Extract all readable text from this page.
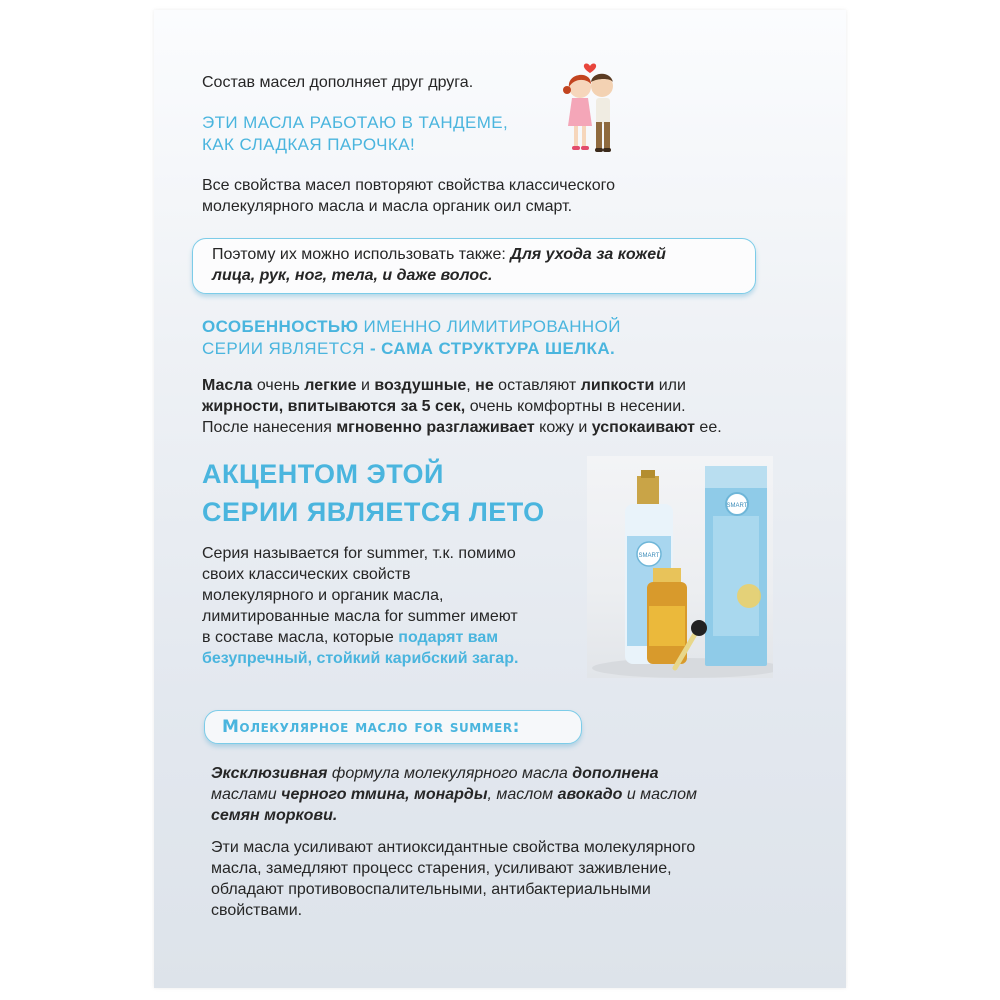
Состав масел дополняет друг друга.
ЭТИ МАСЛА РАБОТАЮ В ТАНДЕМЕ,
КАК СЛАДКАЯ ПАРОЧКА!
Все свойства масел повторяют свойства классического
молекулярного масла и масла органик оил смарт.
Поэтому их можно использовать также: Для ухода за кожей
лица, рук, ног, тела, и даже волос.
ОСОБЕННОСТЬЮ ИМЕННО ЛИМИТИРОВАННОЙ
СЕРИИ ЯВЛЯЕТСЯ - САМА СТРУКТУРА ШЕЛКА.
Масла очень легкие и воздушные, не оставляют липкости или
жирности, впитываются за 5 сек, очень комфортны в несении.
После нанесения мгновенно разглаживает кожу и успокаивают ее.
АКЦЕНТОМ ЭТОЙ
СЕРИИ ЯВЛЯЕТСЯ ЛЕТО
Серия называется for summer, т.к. помимо
своих классических свойств
молекулярного и органик масла,
лимитированные масла for summer имеют
в составе масла, которые подарят вам
безупречный, стойкий карибский загар.
SMART
SMART
Молекулярное масло for summer:
Эксклюзивная формула молекулярного масла дополнена
маслами черного тмина, монарды, маслом авокадо и маслом
семян моркови.
Эти масла усиливают антиоксидантные свойства молекулярного
масла, замедляют процесс старения, усиливают заживление,
обладают противовоспалительными, антибактериальными
свойствами.
